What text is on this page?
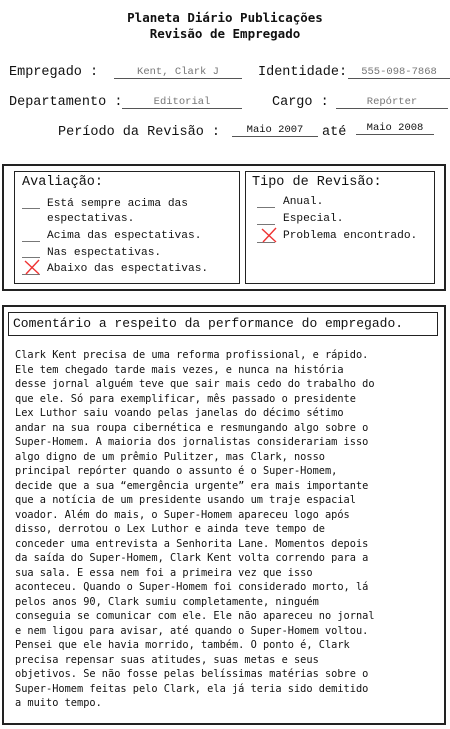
Planeta Diário Publicações
Revisão de Empregado
Empregado :	Kent, Clark J	Identidade:	555-098-7868
Departamento :	Editorial	Cargo :	Repórter
Período da Revisão :	Maio 2007	até	Maio 2008
Avaliação:
Está sempre acima das
espectativas.
Acima das espectativas.
Nas espectativas.
Abaixo das espectativas.
Tipo de Revisão:
Anual.
Especial.
Problema encontrado.
Comentário a respeito da performance do empregado.
Clark Kent precisa de uma reforma profissional, e rápido.
Ele tem chegado tarde mais vezes, e nunca na história
desse jornal alguém teve que sair mais cedo do trabalho do
que ele. Só para exemplificar, mês passado o presidente
Lex Luthor saiu voando pelas janelas do décimo sétimo
andar na sua roupa cibernética e resmungando algo sobre o
Super-Homem. A maioria dos jornalistas considerariam isso
algo digno de um prêmio Pulitzer, mas Clark, nosso
principal repórter quando o assunto é o Super-Homem,
decide que a sua “emergência urgente” era mais importante
que a notícia de um presidente usando um traje espacial
voador. Além do mais, o Super-Homem apareceu logo após
disso, derrotou o Lex Luthor e ainda teve tempo de
conceder uma entrevista a Senhorita Lane. Momentos depois
da saída do Super-Homem, Clark Kent volta correndo para a
sua sala. E essa nem foi a primeira vez que isso
aconteceu. Quando o Super-Homem foi considerado morto, lá
pelos anos 90, Clark sumiu completamente, ninguém
conseguia se comunicar com ele. Ele não apareceu no jornal
e nem ligou para avisar, até quando o Super-Homem voltou.
Pensei que ele havia morrido, também. O ponto é, Clark
precisa repensar suas atitudes, suas metas e seus
objetivos. Se não fosse pelas belíssimas matérias sobre o
Super-Homem feitas pelo Clark, ela já teria sido demitido
a muito tempo.
